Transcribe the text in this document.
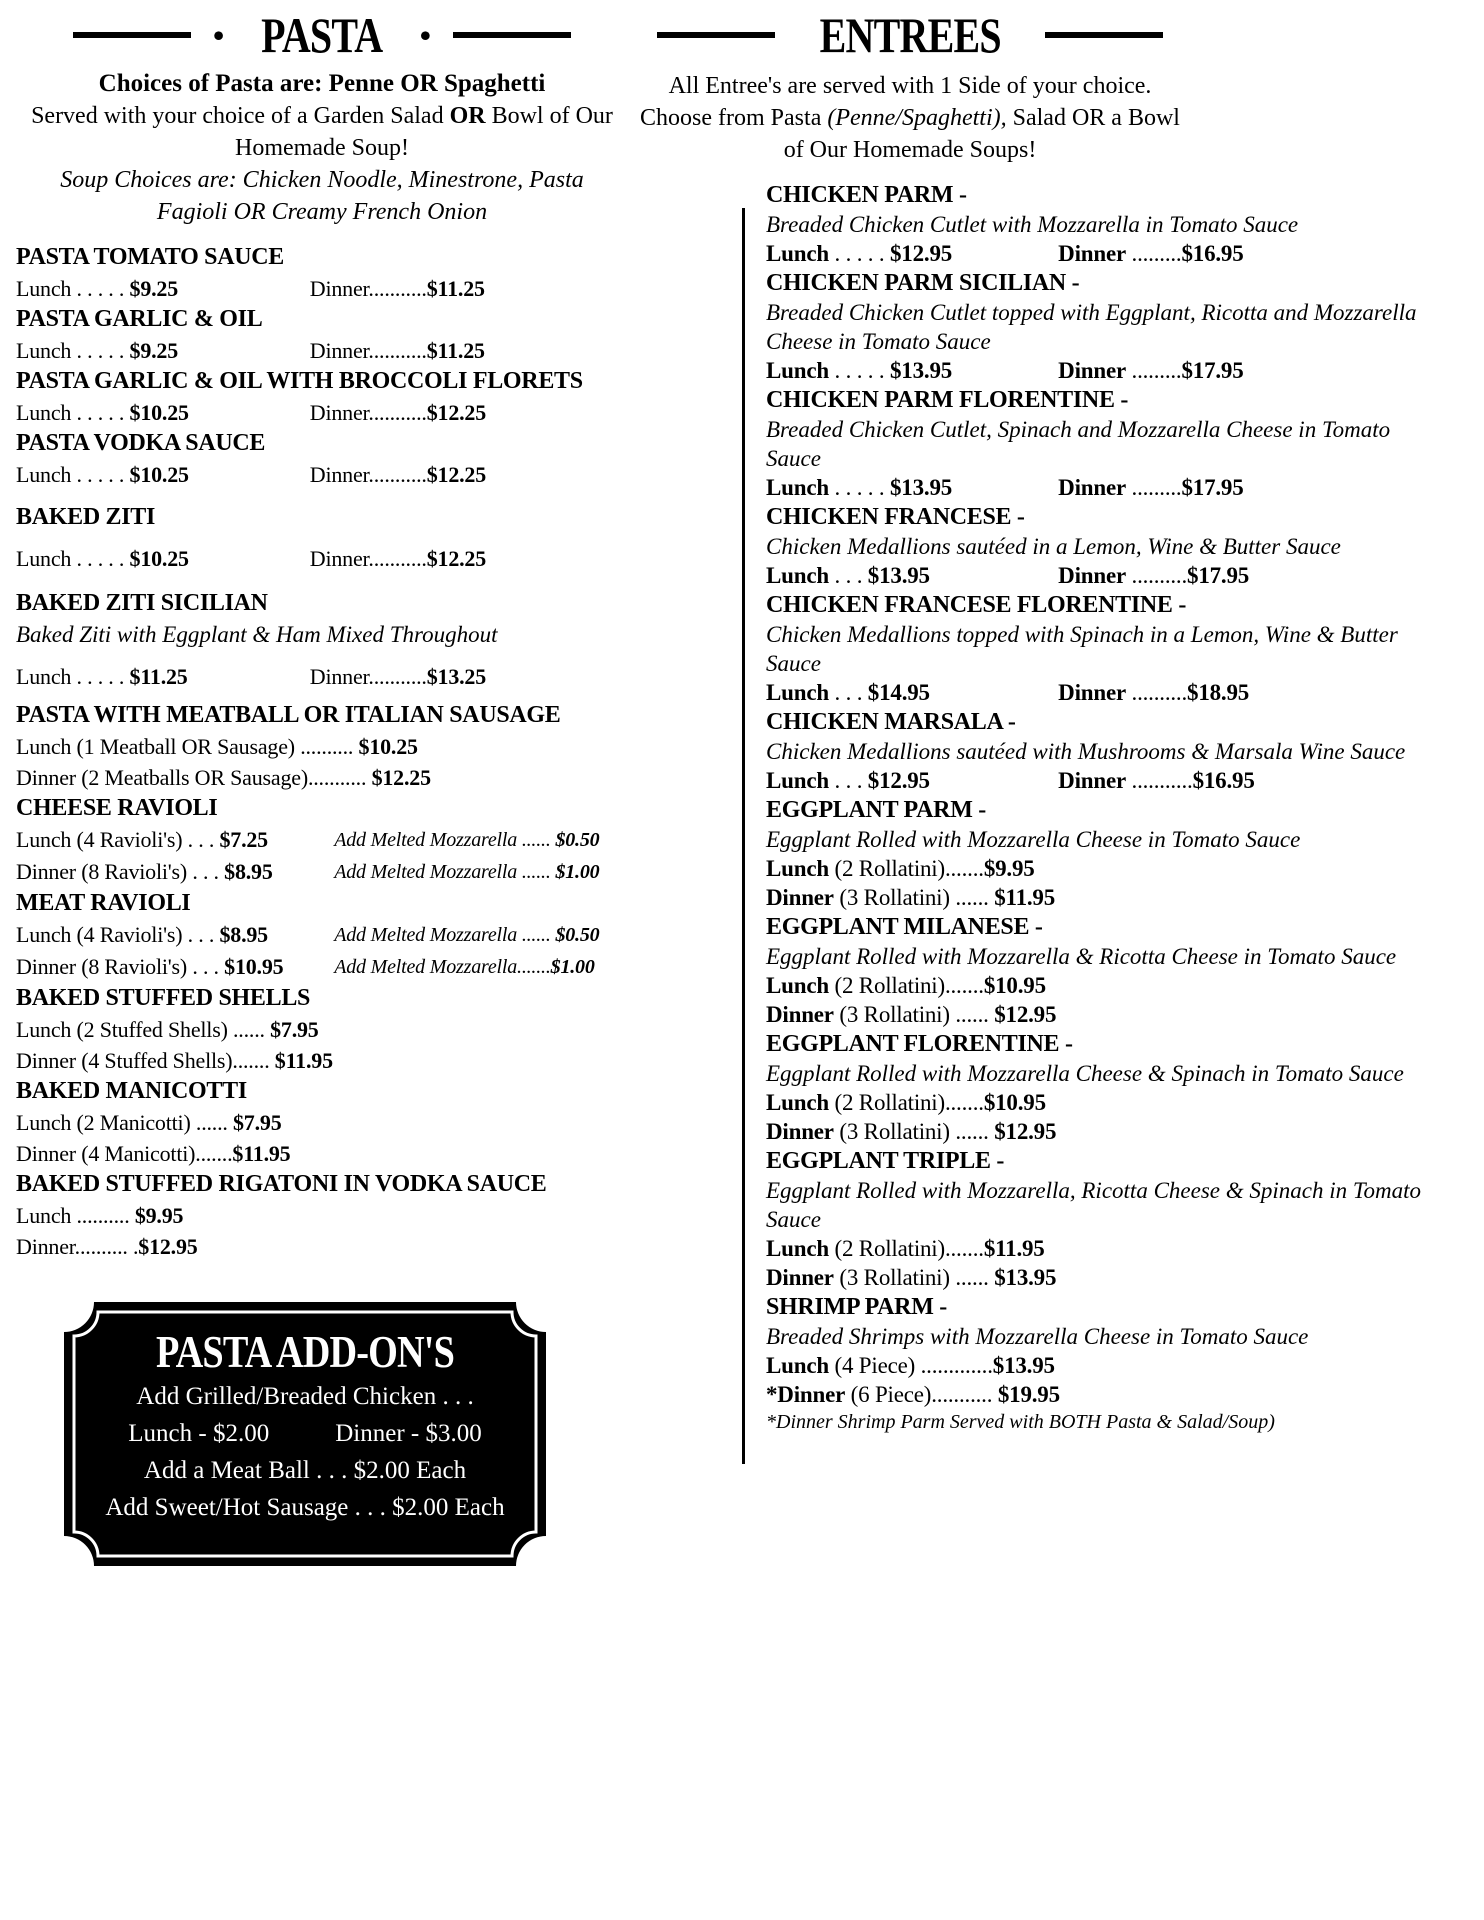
• PASTA •
Choices of Pasta are: Penne OR Spaghetti
Served with your choice of a Garden Salad OR Bowl of Our Homemade Soup!
Soup Choices are: Chicken Noodle, Minestrone, Pasta Fagioli OR Creamy French Onion
PASTA TOMATO SAUCE
Lunch . . . . . $9.25	Dinner...........$11.25
PASTA GARLIC & OIL
Lunch . . . . . $9.25	Dinner...........$11.25
PASTA GARLIC & OIL WITH BROCCOLI FLORETS
Lunch . . . . . $10.25	Dinner...........$12.25
PASTA VODKA SAUCE
Lunch . . . . . $10.25	Dinner...........$12.25
BAKED ZITI
Lunch . . . . . $10.25	Dinner...........$12.25
BAKED ZITI SICILIAN
Baked Ziti with Eggplant & Ham Mixed Throughout
Lunch . . . . . $11.25	Dinner...........$13.25
PASTA WITH MEATBALL OR ITALIAN SAUSAGE
Lunch (1 Meatball OR Sausage) .......... $10.25
Dinner (2 Meatballs OR Sausage)........... $12.25
CHEESE RAVIOLI
Lunch (4 Ravioli's) . . . $7.25	Add Melted Mozzarella ...... $0.50
Dinner (8 Ravioli's) . . . $8.95	Add Melted Mozzarella ...... $1.00
MEAT RAVIOLI
Lunch (4 Ravioli's) . . . $8.95	Add Melted Mozzarella ...... $0.50
Dinner (8 Ravioli's) . . . $10.95	Add Melted Mozzarella.......$1.00
BAKED STUFFED SHELLS
Lunch (2 Stuffed Shells) ...... $7.95
Dinner (4 Stuffed Shells)....... $11.95
BAKED MANICOTTI
Lunch (2 Manicotti) ...... $7.95
Dinner (4 Manicotti).......$11.95
BAKED STUFFED RIGATONI IN VODKA SAUCE
Lunch .......... $9.95
Dinner.......... .$12.95
PASTA ADD-ON'S
Add Grilled/Breaded Chicken . . .
Lunch - $2.00	Dinner - $3.00
Add a Meat Ball . . . $2.00 Each
Add Sweet/Hot Sausage . . . $2.00 Each
ENTREES
All Entree's are served with 1 Side of your choice. Choose from Pasta (Penne/Spaghetti), Salad OR a Bowl of Our Homemade Soups!
CHICKEN PARM -
Breaded Chicken Cutlet with Mozzarella in Tomato Sauce
Lunch . . . . . $12.95	Dinner .........$16.95
CHICKEN PARM SICILIAN -
Breaded Chicken Cutlet topped with Eggplant, Ricotta and Mozzarella Cheese in Tomato Sauce
Lunch . . . . . $13.95	Dinner .........$17.95
CHICKEN PARM FLORENTINE -
Breaded Chicken Cutlet, Spinach and Mozzarella Cheese in Tomato Sauce
Lunch . . . . . $13.95	Dinner .........$17.95
CHICKEN FRANCESE -
Chicken Medallions sautéed in a Lemon, Wine & Butter Sauce
Lunch . . . $13.95	Dinner ..........$17.95
CHICKEN FRANCESE FLORENTINE -
Chicken Medallions topped with Spinach in a Lemon, Wine & Butter Sauce
Lunch . . . $14.95	Dinner ..........$18.95
CHICKEN MARSALA -
Chicken Medallions sautéed with Mushrooms & Marsala Wine Sauce
Lunch . . . $12.95	Dinner ...........$16.95
EGGPLANT PARM -
Eggplant Rolled with Mozzarella Cheese in Tomato Sauce
Lunch (2 Rollatini).......$9.95
Dinner (3 Rollatini) ...... $11.95
EGGPLANT MILANESE -
Eggplant Rolled with Mozzarella & Ricotta Cheese in Tomato Sauce
Lunch (2 Rollatini).......$10.95
Dinner (3 Rollatini) ...... $12.95
EGGPLANT FLORENTINE -
Eggplant Rolled with Mozzarella Cheese & Spinach in Tomato Sauce
Lunch (2 Rollatini).......$10.95
Dinner (3 Rollatini) ...... $12.95
EGGPLANT TRIPLE -
Eggplant Rolled with Mozzarella, Ricotta Cheese & Spinach in Tomato Sauce
Lunch (2 Rollatini).......$11.95
Dinner (3 Rollatini) ...... $13.95
SHRIMP PARM -
Breaded Shrimps with Mozzarella Cheese in Tomato Sauce
Lunch (4 Piece) .............$13.95
*Dinner (6 Piece)........... $19.95
*Dinner Shrimp Parm Served with BOTH Pasta & Salad/Soup)
